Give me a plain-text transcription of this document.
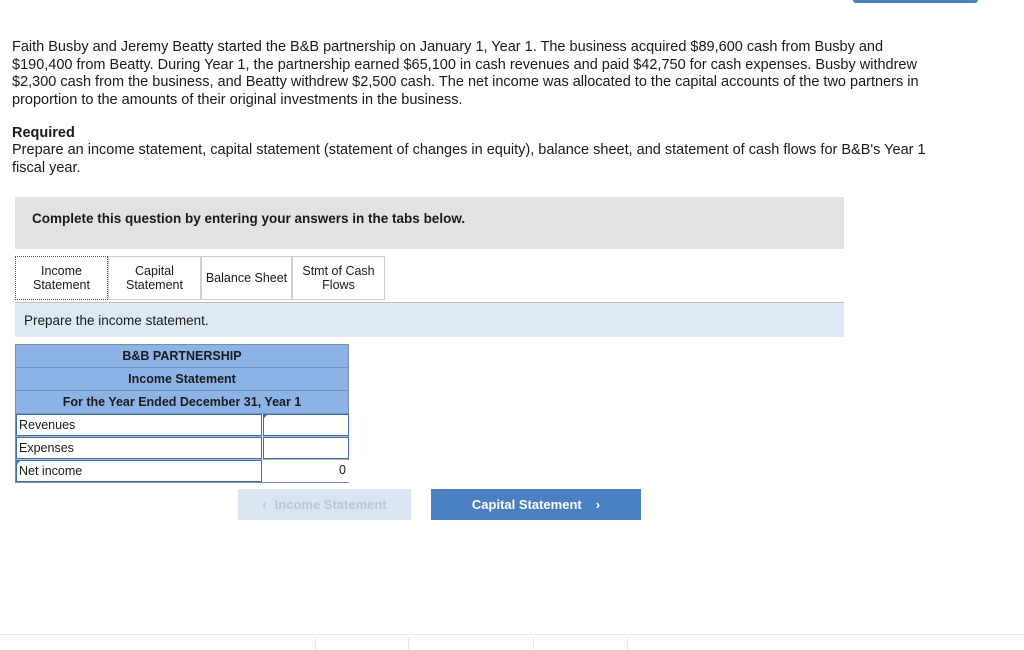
Faith Busby and Jeremy Beatty started the B&B partnership on January 1, Year 1. The business acquired $89,600 cash from Busby and $190,400 from Beatty. During Year 1, the partnership earned $65,100 in cash revenues and paid $42,750 for cash expenses. Busby withdrew $2,300 cash from the business, and Beatty withdrew $2,500 cash. The net income was allocated to the capital accounts of the two partners in proportion to the amounts of their original investments in the business.
Required
Prepare an income statement, capital statement (statement of changes in equity), balance sheet, and statement of cash flows for B&B's Year 1 fiscal year.
Complete this question by entering your answers in the tabs below.
Income
Statement
Capital
Statement Balance Sheet Stmt of Cash
Flows
Prepare the income statement.
B&B PARTNERSHIP
Income Statement
For the Year Ended December 31, Year 1
Revenues
Expenses
Net income	0
‹ Income Statement	Capital Statement ›
